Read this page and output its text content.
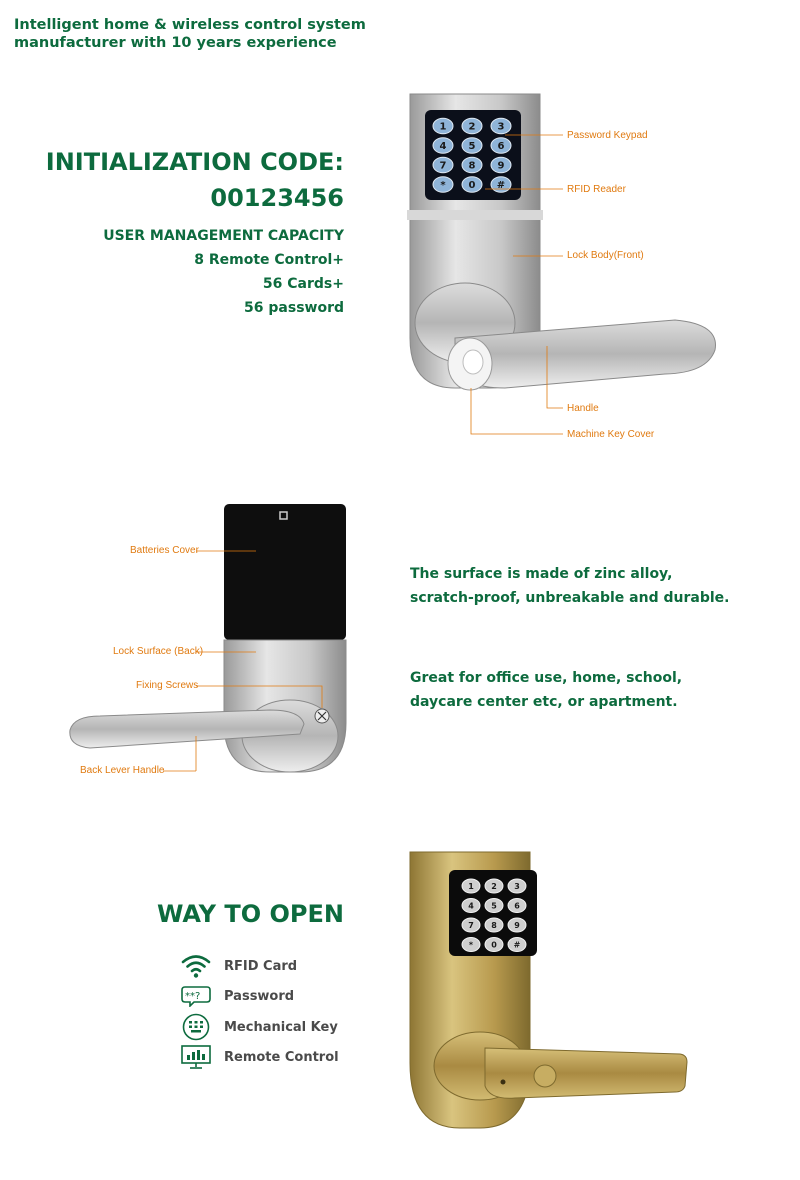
Intelligent home & wireless control system
manufacturer with 10 years experience
INITIALIZATION CODE:
00123456
USER MANAGEMENT CAPACITY
8 Remote Control+
56 Cards+
56 password
1 2 3
4 5 6
7 8 9
* 0 #
Password Keypad
RFID Reader
Lock Body(Front)
Handle
Machine Key Cover
Batteries Cover
Lock Surface (Back)
Fixing Screws
Back Lever Handle
The surface is made of zinc alloy,
scratch-proof, unbreakable and durable.
Great for office use, home, school,
daycare center etc, or apartment.
WAY TO OPEN
RFID Card
**? Password
Mechanical Key
Remote Control
1 2 3
4 5 6
7 8 9
* 0 #
